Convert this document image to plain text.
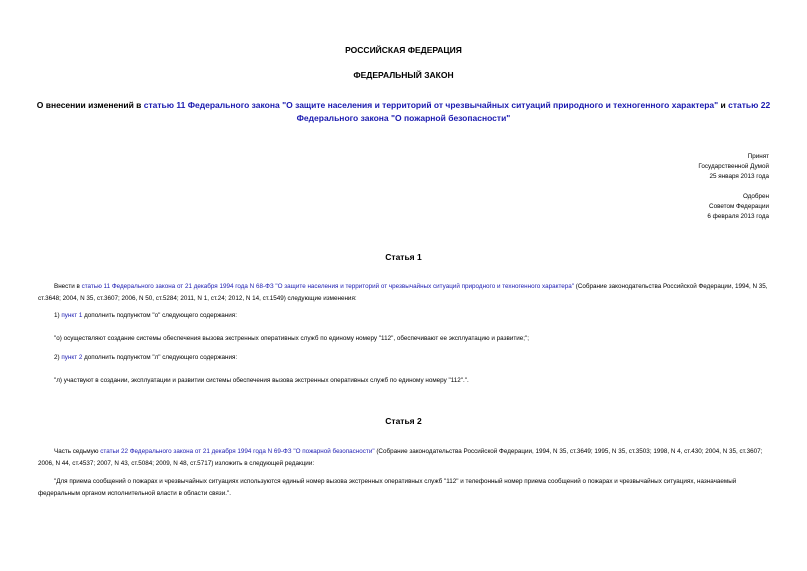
РОССИЙСКАЯ ФЕДЕРАЦИЯ
ФЕДЕРАЛЬНЫЙ ЗАКОН
О внесении изменений в статью 11 Федерального закона "О защите населения и территорий от чрезвычайных ситуаций природного и техногенного характера" и статью 22 Федерального закона "О пожарной безопасности"
Принят
Государственной Думой
25 января 2013 года
Одобрен
Советом Федерации
6 февраля 2013 года
Статья 1
Внести в статью 11 Федерального закона от 21 декабря 1994 года N 68-ФЗ "О защите населения и территорий от чрезвычайных ситуаций природного и техногенного характера" (Собрание законодательства Российской Федерации, 1994, N 35, ст.3648; 2004, N 35, ст.3607; 2006, N 50, ст.5284; 2011, N 1, ст.24; 2012, N 14, ст.1549) следующие изменения:
1) пункт 1 дополнить подпунктом "о" следующего содержания:
"о) осуществляют создание системы обеспечения вызова экстренных оперативных служб по единому номеру "112", обеспечивают ее эксплуатацию и развитие;";
2) пункт 2 дополнить подпунктом "л" следующего содержания:
"л) участвуют в создании, эксплуатации и развитии системы обеспечения вызова экстренных оперативных служб по единому номеру "112".".
Статья 2
Часть седьмую статьи 22 Федерального закона от 21 декабря 1994 года N 69-ФЗ "О пожарной безопасности" (Собрание законодательства Российской Федерации, 1994, N 35, ст.3649; 1995, N 35, ст.3503; 1998, N 4, ст.430; 2004, N 35, ст.3607; 2006, N 44, ст.4537; 2007, N 43, ст.5084; 2009, N 48, ст.5717) изложить в следующей редакции:
"Для приема сообщений о пожарах и чрезвычайных ситуациях используются единый номер вызова экстренных оперативных служб "112" и телефонный номер приема сообщений о пожарах и чрезвычайных ситуациях, назначаемый федеральным органом исполнительной власти в области связи.".
